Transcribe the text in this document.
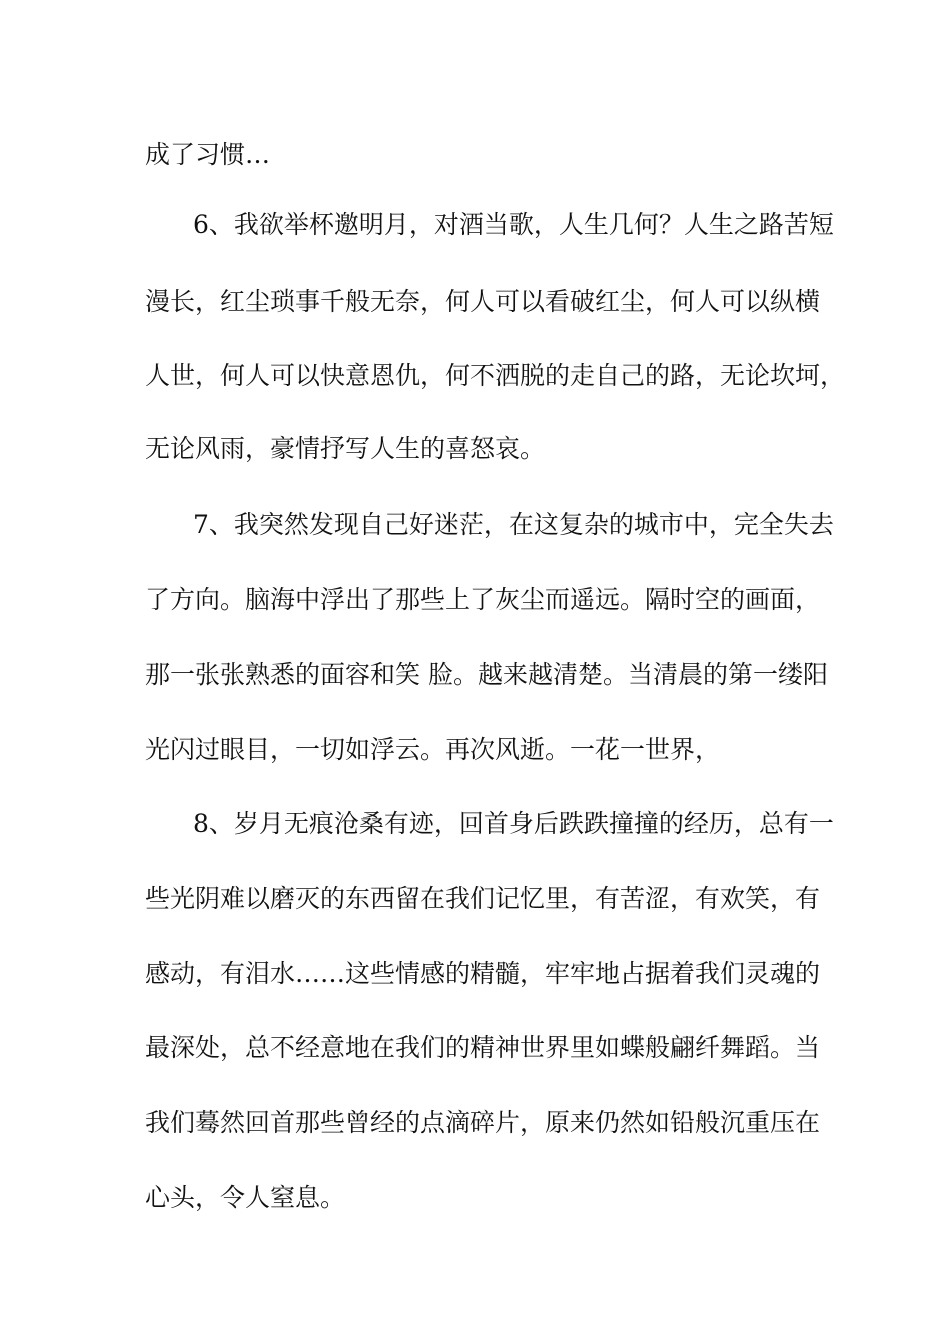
成了习惯…

6、我欲举杯邀明月，对酒当歌，人生几何？人生之路苦短

漫长，红尘琐事千般无奈，何人可以看破红尘，何人可以纵横

人世，何人可以快意恩仇，何不洒脱的走自己的路，无论坎坷，

无论风雨，豪情抒写人生的喜怒哀。

7、我突然发现自己好迷茫，在这复杂的城市中，完全失去

了方向。脑海中浮出了那些上了灰尘而遥远。隔时空的画面，

那一张张熟悉的面容和笑 脸。越来越清楚。当清晨的第一缕阳

光闪过眼目，一切如浮云。再次风逝。一花一世界，

8、岁月无痕沧桑有迹，回首身后跌跌撞撞的经历，总有一

些光阴难以磨灭的东西留在我们记忆里，有苦涩，有欢笑，有

感动，有泪水……这些情感的精髓，牢牢地占据着我们灵魂的

最深处，总不经意地在我们的精神世界里如蝶般翩纤舞蹈。当

我们蓦然回首那些曾经的点滴碎片，原来仍然如铅般沉重压在

心头，令人窒息。
